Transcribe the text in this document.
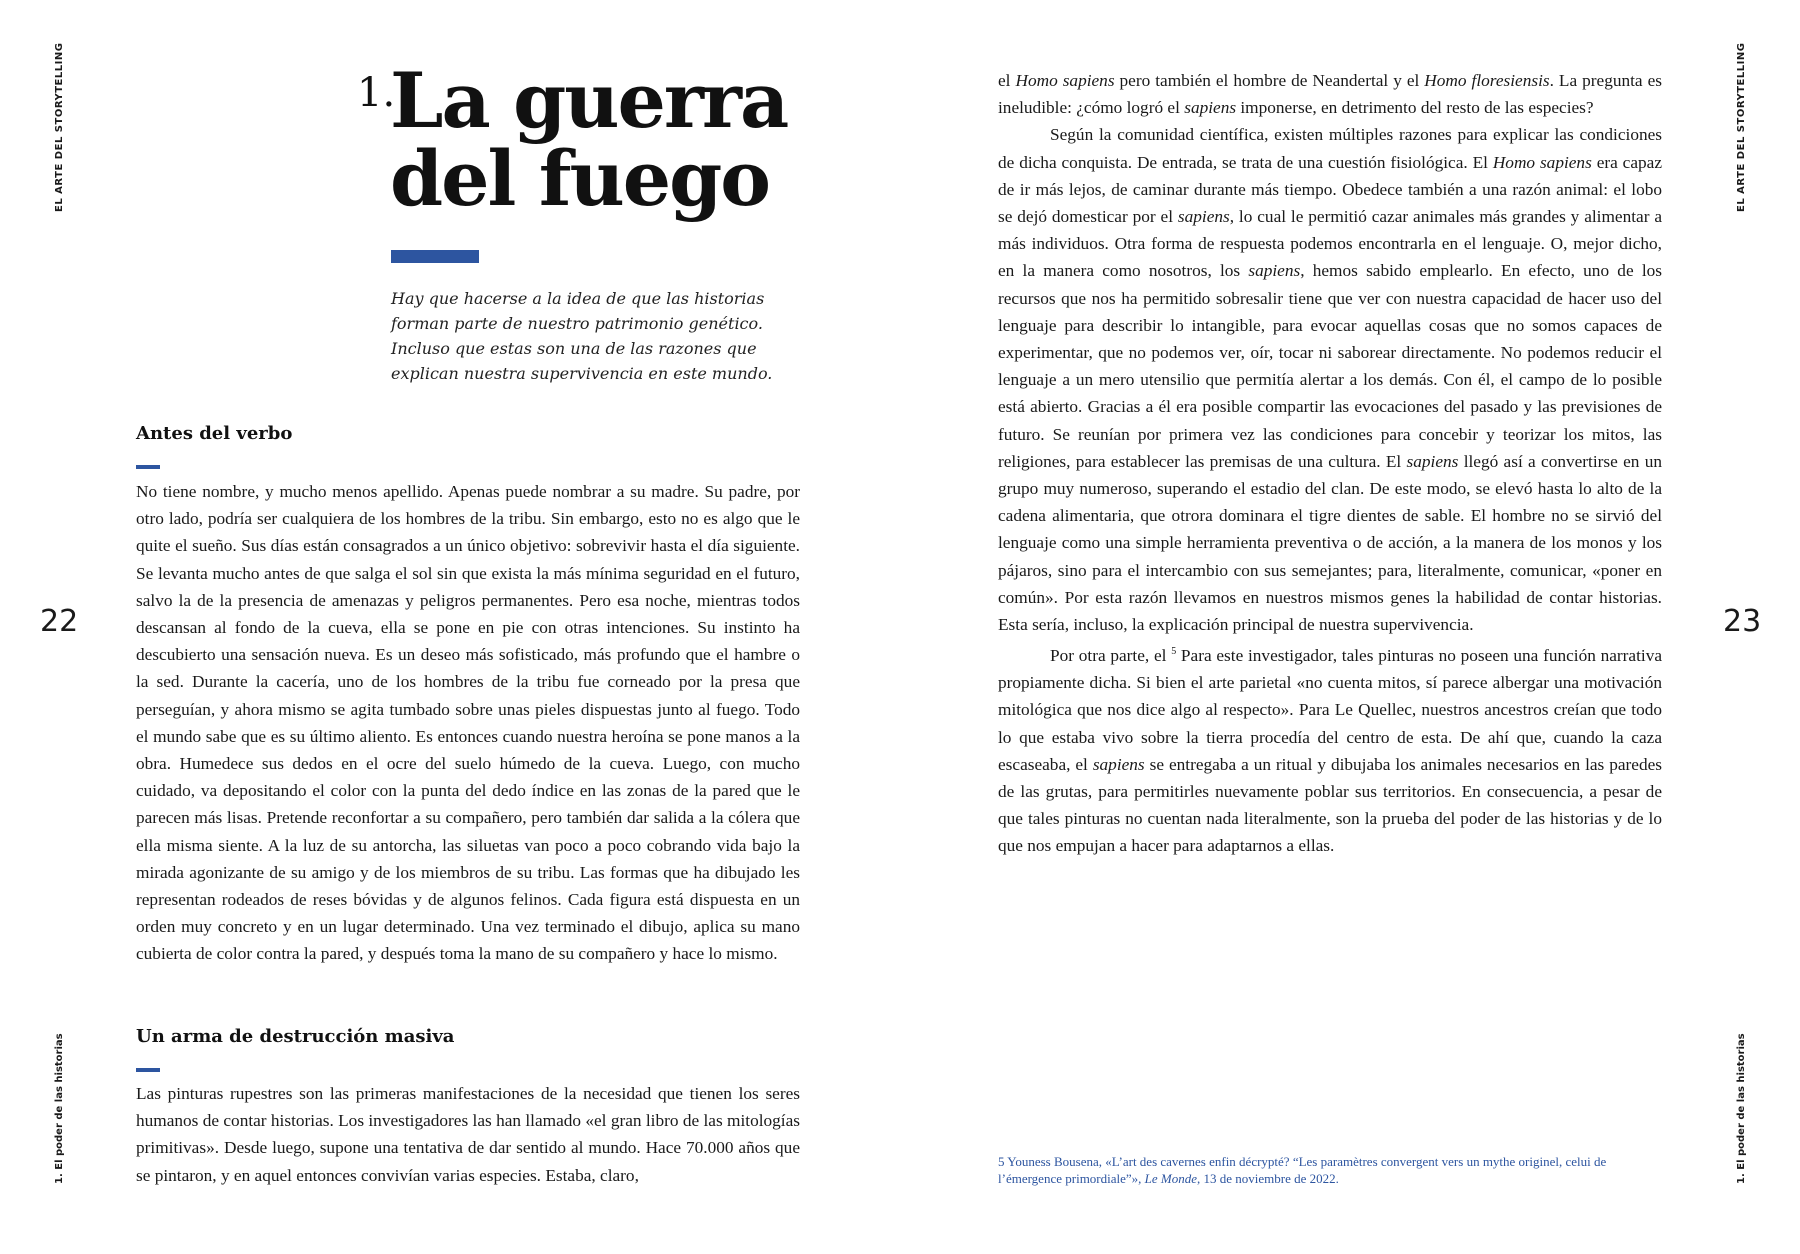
EL ARTE DEL STORYTELLING
22
1. El poder de las historias
1.
La guerra
del fuego
Hay que hacerse a la idea de que las historias forman parte de nuestro patrimonio genético. Incluso que estas son una de las razones que explican nuestra supervivencia en este mundo.
Antes del verbo

No tiene nombre, y mucho menos apellido. Apenas puede nombrar a su madre. Su padre, por otro lado, podría ser cualquiera de los hombres de la tribu. Sin embargo, esto no es algo que le quite el sueño. Sus días están consagrados a un único objetivo: sobrevivir hasta el día siguiente. Se levanta mucho antes de que salga el sol sin que exista la más mínima seguridad en el futuro, salvo la de la presencia de amenazas y peligros permanentes. Pero esa noche, mientras todos descansan al fondo de la cueva, ella se pone en pie con otras intenciones. Su instinto ha descubierto una sensación nueva. Es un deseo más sofisticado, más profundo que el hambre o la sed. Durante la cacería, uno de los hombres de la tribu fue corneado por la presa que perseguían, y ahora mismo se agita tumbado sobre unas pieles dispuestas junto al fuego. Todo el mundo sabe que es su último aliento. Es entonces cuando nuestra heroína se pone manos a la obra. Humedece sus dedos en el ocre del suelo húmedo de la cueva. Luego, con mucho cuidado, va depositando el color con la punta del dedo índice en las zonas de la pared que le parecen más lisas. Pretende reconfortar a su compañero, pero también dar salida a la cólera que ella misma siente. A la luz de su antorcha, las siluetas van poco a poco cobrando vida bajo la mirada agonizante de su amigo y de los miembros de su tribu. Las formas que ha dibujado les representan rodeados de reses bóvidas y de algunos felinos. Cada figura está dispuesta en un orden muy concreto y en un lugar determinado. Una vez terminado el dibujo, aplica su mano cubierta de color contra la pared, y después toma la mano de su compañero y hace lo mismo.

Un arma de destrucción masiva

Las pinturas rupestres son las primeras manifestaciones de la necesidad que tienen los seres humanos de contar historias. Los investigadores las han llamado «el gran libro de las mitologías primitivas». Desde luego, supone una tentativa de dar sentido al mundo. Hace 70.000 años que se pintaron, y en aquel entonces convivían varias especies. Estaba, claro,

EL ARTE DEL STORYTELLING
23
1. El poder de las historias

el Homo sapiens pero también el hombre de Neandertal y el Homo floresiensis. La pregunta es ineludible: ¿cómo logró el sapiens imponerse, en detrimento del resto de las especies?

Según la comunidad científica, existen múltiples razones para explicar las condiciones de dicha conquista. De entrada, se trata de una cuestión fisiológica. El Homo sapiens era capaz de ir más lejos, de caminar durante más tiempo. Obedece también a una razón animal: el lobo se dejó domesticar por el sapiens, lo cual le permitió cazar animales más grandes y alimentar a más individuos. Otra forma de respuesta podemos encontrarla en el lenguaje. O, mejor dicho, en la manera como nosotros, los sapiens, hemos sabido emplearlo. En efecto, uno de los recursos que nos ha permitido sobresalir tiene que ver con nuestra capacidad de hacer uso del lenguaje para describir lo intangible, para evocar aquellas cosas que no somos capaces de experimentar, que no podemos ver, oír, tocar ni saborear directamente. No podemos reducir el lenguaje a un mero utensilio que permitía alertar a los demás. Con él, el campo de lo posible está abierto. Gracias a él era posible compartir las evocaciones del pasado y las previsiones de futuro. Se reunían por primera vez las condiciones para concebir y teorizar los mitos, las religiones, para establecer las premisas de una cultura. El sapiens llegó así a convertirse en un grupo muy numeroso, superando el estadio del clan. De este modo, se elevó hasta lo alto de la cadena alimentaria, que otrora dominara el tigre dientes de sable. El hombre no se sirvió del lenguaje como una simple herramienta preventiva o de acción, a la manera de los monos y los pájaros, sino para el intercambio con sus semejantes; para, literalmente, comunicar, «poner en común». Por esta razón llevamos en nuestros mismos genes la habilidad de contar historias. Esta sería, incluso, la explicación principal de nuestra supervivencia.

Por otra parte, el $^5$ Para este investigador, tales pinturas no poseen una función narrativa propiamente dicha. Si bien el arte parietal «no cuenta mitos, sí parece albergar una motivación mitológica que nos dice algo al respecto». Para Le Quellec, nuestros ancestros creían que todo lo que estaba vivo sobre la tierra procedía del centro de esta. De ahí que, cuando la caza escaseaba, el sapiens se entregaba a un ritual y dibujaba los animales necesarios en las paredes de las grutas, para permitirles nuevamente poblar sus territorios. En consecuencia, a pesar de que tales pinturas no cuentan nada literalmente, son la prueba del poder de las historias y de lo que nos empujan a hacer para adaptarnos a ellas.

5 Youness Bousena, «L’art des cavernes enfin décrypté? “Les paramètres convergent vers un mythe originel, celui de l’émergence primordiale”», Le Monde, 13 de noviembre de 2022.
